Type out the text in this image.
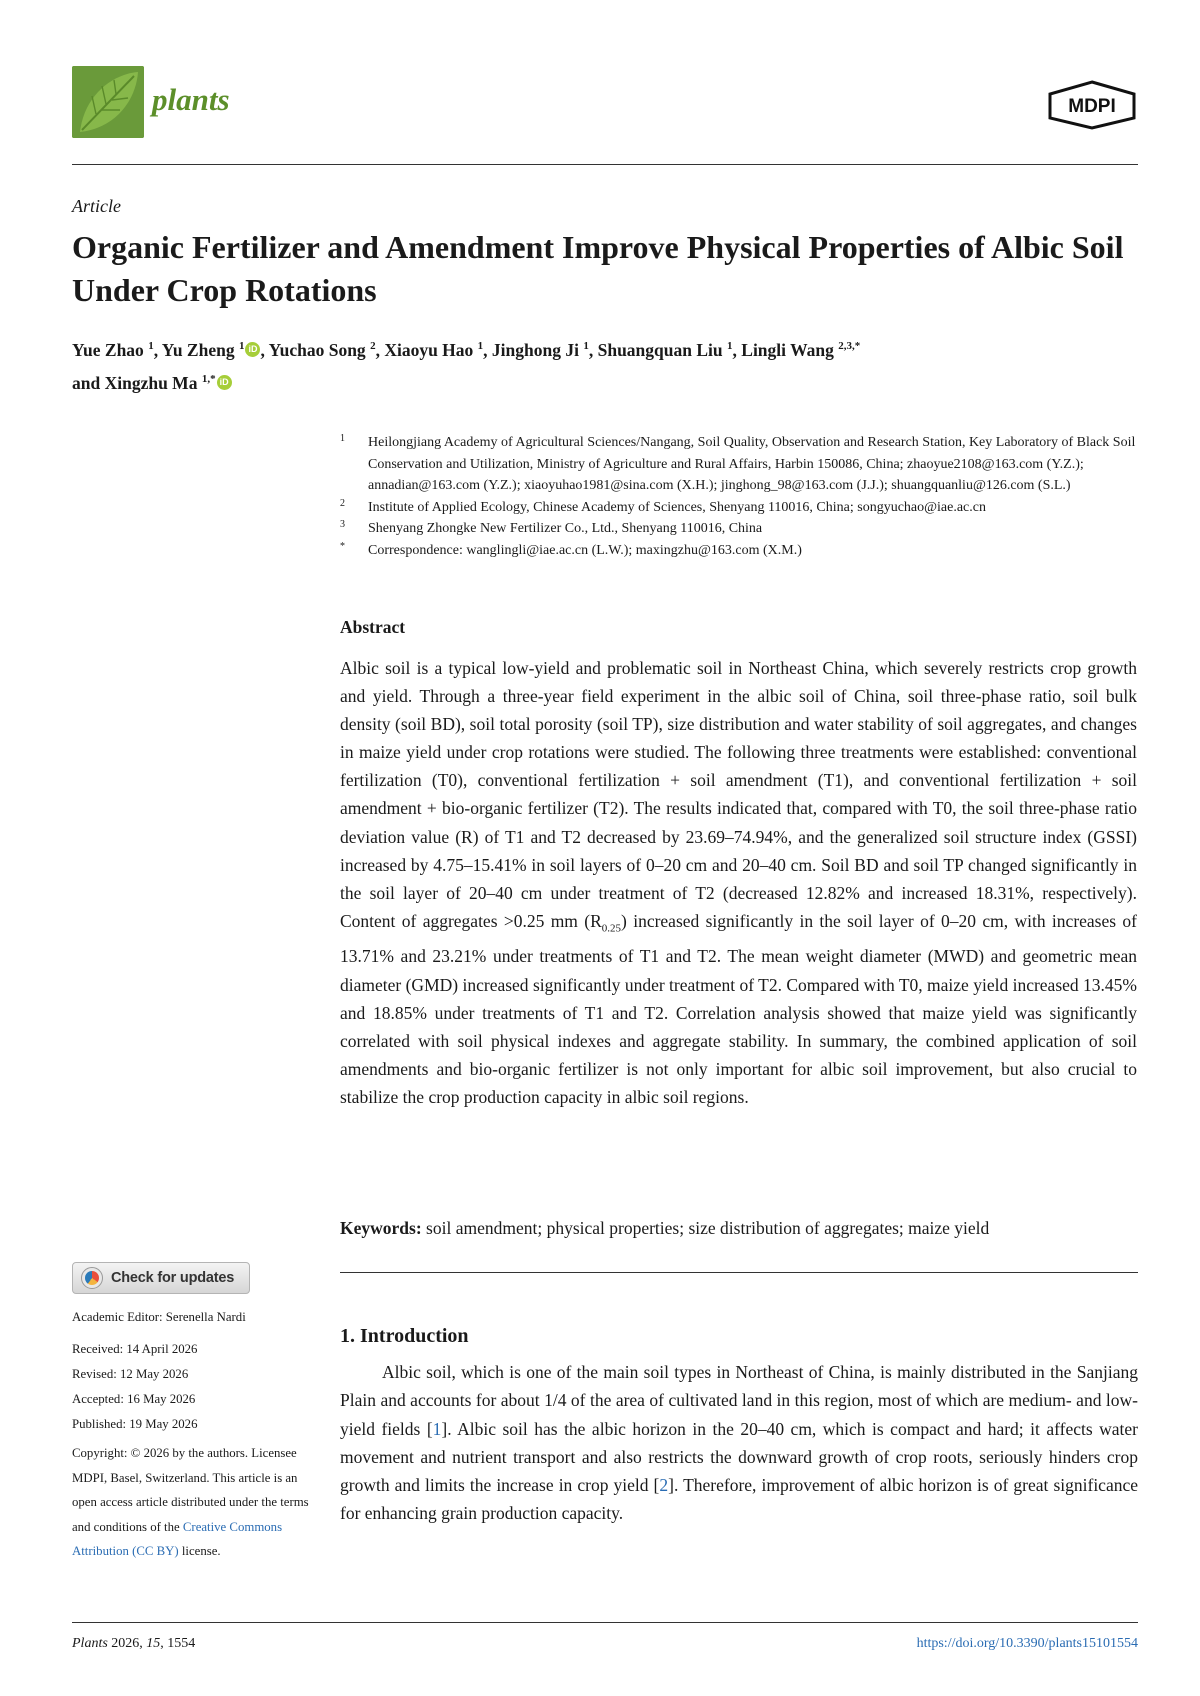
plants	MDPI
Article
Organic Fertilizer and Amendment Improve Physical Properties of Albic Soil Under Crop Rotations
Yue Zhao $^1$, Yu Zheng $^1$ iD , Yuchao Song $^2$, Xiaoyu Hao $^1$, Jinghong Ji $^1$, Shuangquan Liu $^1$, Lingli Wang $^{2,3,*}$
and Xingzhu Ma $^{1,*}$ iD
1	Heilongjiang Academy of Agricultural Sciences/Nangang, Soil Quality, Observation and Research Station, Key Laboratory of Black Soil Conservation and Utilization, Ministry of Agriculture and Rural Affairs, Harbin 150086, China; zhaoyue2108@163.com (Y.Z.); annadian@163.com (Y.Z.); xiaoyuhao1981@sina.com (X.H.); jinghong_98@163.com (J.J.); shuangquanliu@126.com (S.L.)
2	Institute of Applied Ecology, Chinese Academy of Sciences, Shenyang 110016, China; songyuchao@iae.ac.cn
3	Shenyang Zhongke New Fertilizer Co., Ltd., Shenyang 110016, China
*	Correspondence: wanglingli@iae.ac.cn (L.W.); maxingzhu@163.com (X.M.)
Abstract
Albic soil is a typical low-yield and problematic soil in Northeast China, which severely restricts crop growth and yield. Through a three-year field experiment in the albic soil of China, soil three-phase ratio, soil bulk density (soil BD), soil total porosity (soil TP), size distribution and water stability of soil aggregates, and changes in maize yield under crop rotations were studied. The following three treatments were established: conventional fertilization (T0), conventional fertilization + soil amendment (T1), and conventional fertilization + soil amendment + bio-organic fertilizer (T2). The results indicated that, compared with T0, the soil three-phase ratio deviation value (R) of T1 and T2 decreased by 23.69–74.94%, and the generalized soil structure index (GSSI) increased by 4.75–15.41% in soil layers of 0–20 cm and 20–40 cm. Soil BD and soil TP changed significantly in the soil layer of 20–40 cm under treatment of T2 (decreased 12.82% and increased 18.31%, respectively). Content of aggregates >0.25 mm $(R_{0.25})$ increased significantly in the soil layer of 0–20 cm, with increases of 13.71% and 23.21% under treatments of T1 and T2. The mean weight diameter (MWD) and geometric mean diameter (GMD) increased significantly under treatment of T2. Compared with T0, maize yield increased 13.45% and 18.85% under treatments of T1 and T2. Correlation analysis showed that maize yield was significantly correlated with soil physical indexes and aggregate stability. In summary, the combined application of soil amendments and bio-organic fertilizer is not only important for albic soil improvement, but also crucial to stabilize the crop production capacity in albic soil regions.
Keywords: soil amendment; physical properties; size distribution of aggregates; maize yield
Check for updates
Academic Editor: Serenella Nardi
Received: 14 April 2026
Revised: 12 May 2026
Accepted: 16 May 2026
Published: 19 May 2026
Copyright: © 2026 by the authors. Licensee MDPI, Basel, Switzerland. This article is an open access article distributed under the terms and conditions of the Creative Commons Attribution (CC BY) license.
1. Introduction
Albic soil, which is one of the main soil types in Northeast of China, is mainly distributed in the Sanjiang Plain and accounts for about 1/4 of the area of cultivated land in this region, most of which are medium- and low-yield fields [1]. Albic soil has the albic horizon in the 20–40 cm, which is compact and hard; it affects water movement and nutrient transport and also restricts the downward growth of crop roots, seriously hinders crop growth and limits the increase in crop yield [2]. Therefore, improvement of albic horizon is of great significance for enhancing grain production capacity.
Plants 2026, 15, 1554	https://doi.org/10.3390/plants15101554
